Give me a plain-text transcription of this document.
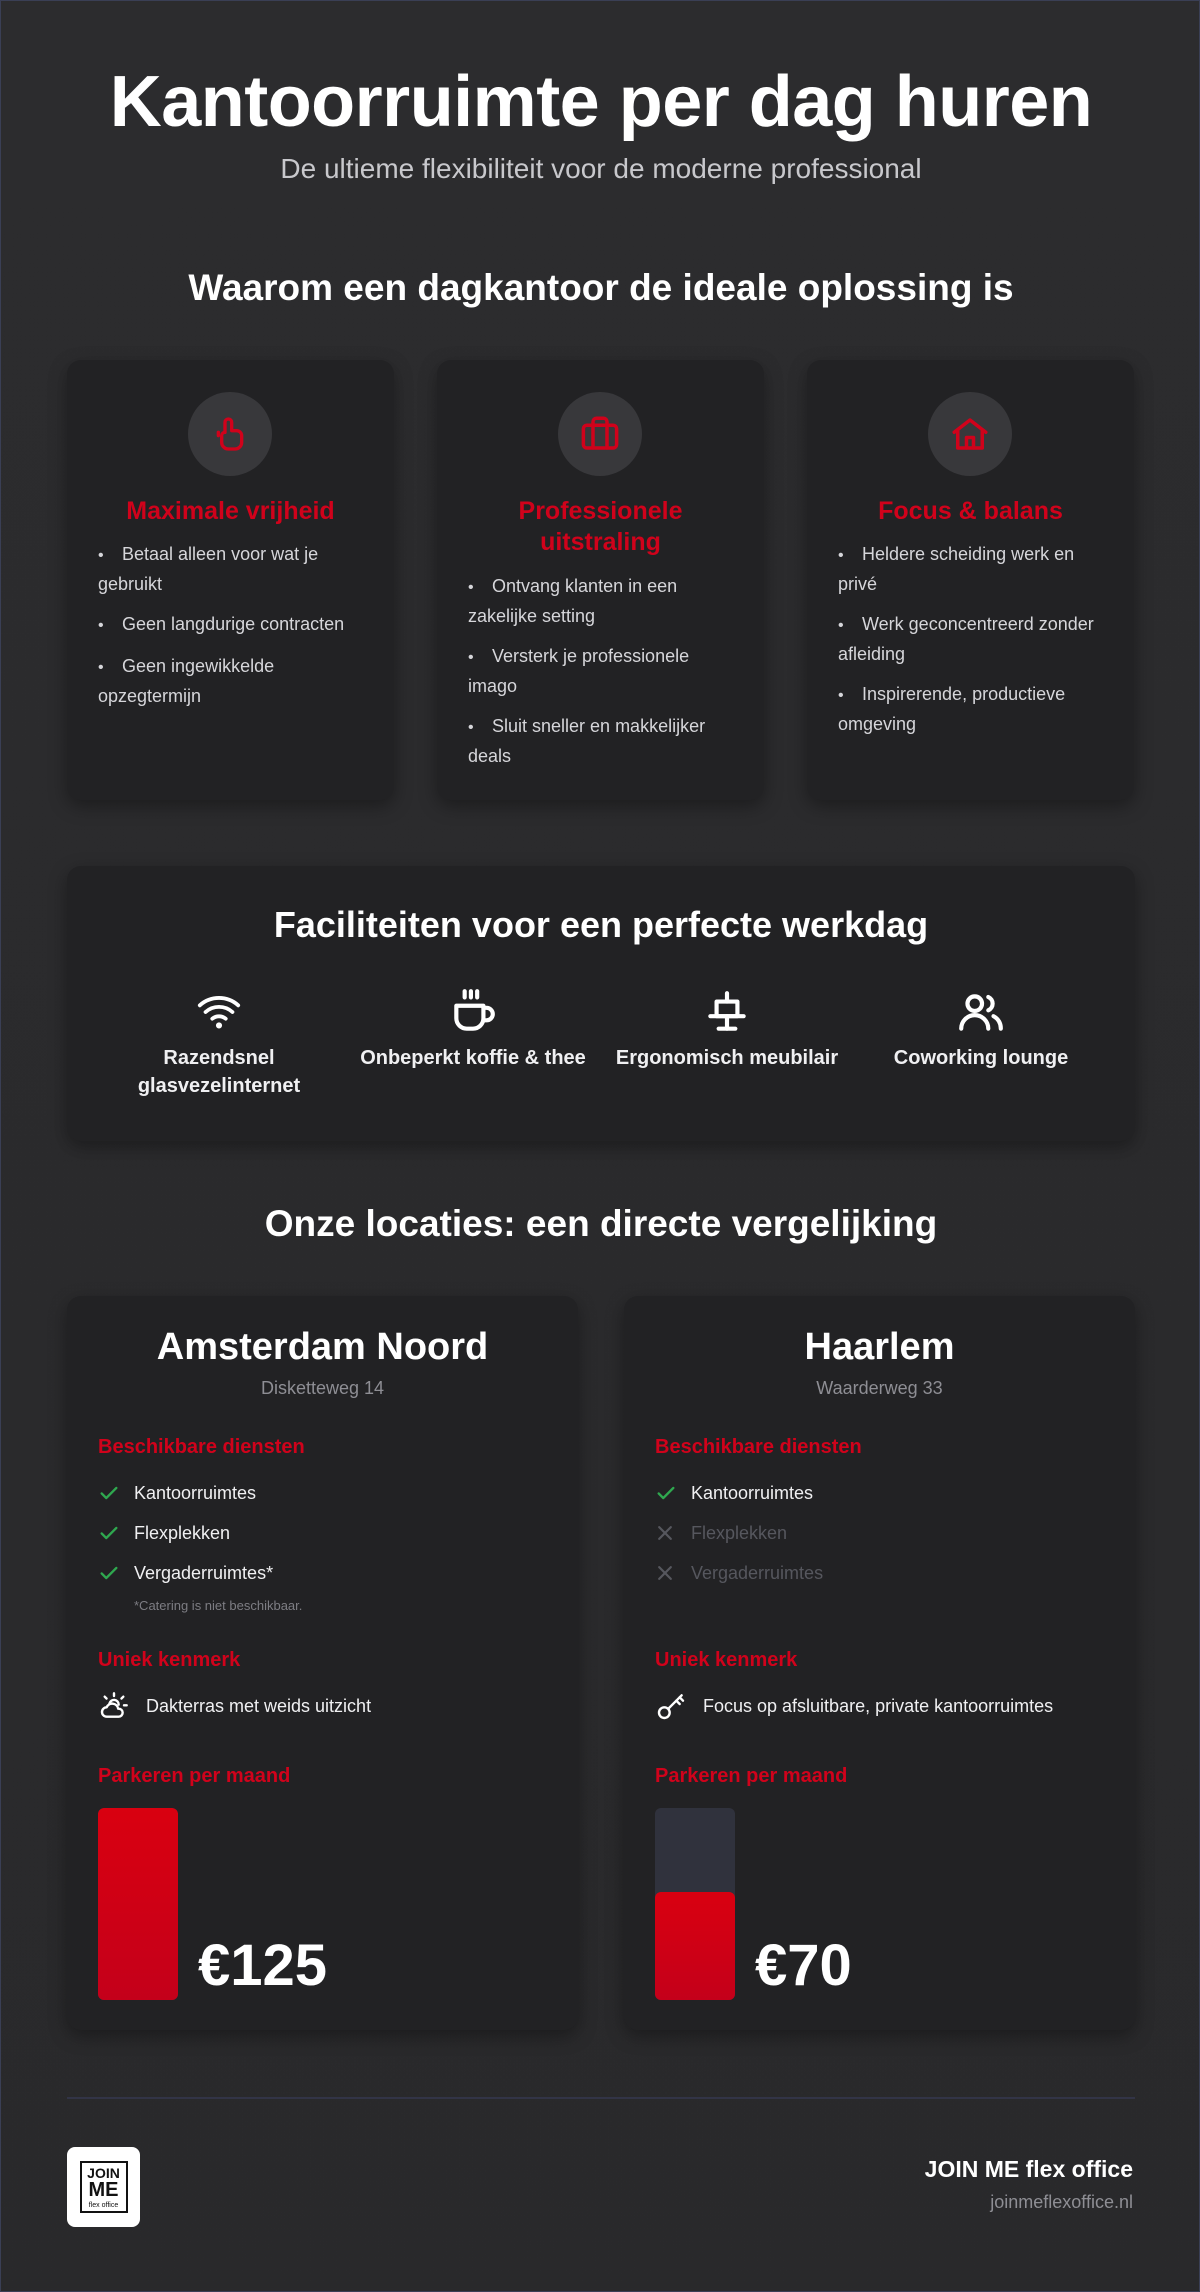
Kantoorruimte per dag huren
De ultieme flexibiliteit voor de moderne professional
Waarom een dagkantoor de ideale oplossing is
Maximale vrijheid
• Betaal alleen voor wat je gebruikt
• Geen langdurige contracten
• Geen ingewikkelde opzegtermijn
Professionele uitstraling
• Ontvang klanten in een zakelijke setting
• Versterk je professionele imago
• Sluit sneller en makkelijker deals
Focus & balans
• Heldere scheiding werk en privé
• Werk geconcentreerd zonder afleiding
• Inspirerende, productieve omgeving
Faciliteiten voor een perfecte werkdag
Razendsnel glasvezelinternet
Onbeperkt koffie & thee	Ergonomisch meubilair	Coworking lounge
Onze locaties: een directe vergelijking
Amsterdam Noord
Disketteweg 14
Beschikbare diensten
Kantoorruimtes
Flexplekken
Vergaderruimtes*
*Catering is niet beschikbaar.
Uniek kenmerk
Dakterras met weids uitzicht
Parkeren per maand
€125
Haarlem
Waarderweg 33
Beschikbare diensten
Kantoorruimtes
Flexplekken
Vergaderruimtes
Uniek kenmerk
Focus op afsluitbare, private kantoorruimtes
Parkeren per maand
€70
JOIN
ME
flex office
JOIN ME flex office
joinmeflexoffice.nl
